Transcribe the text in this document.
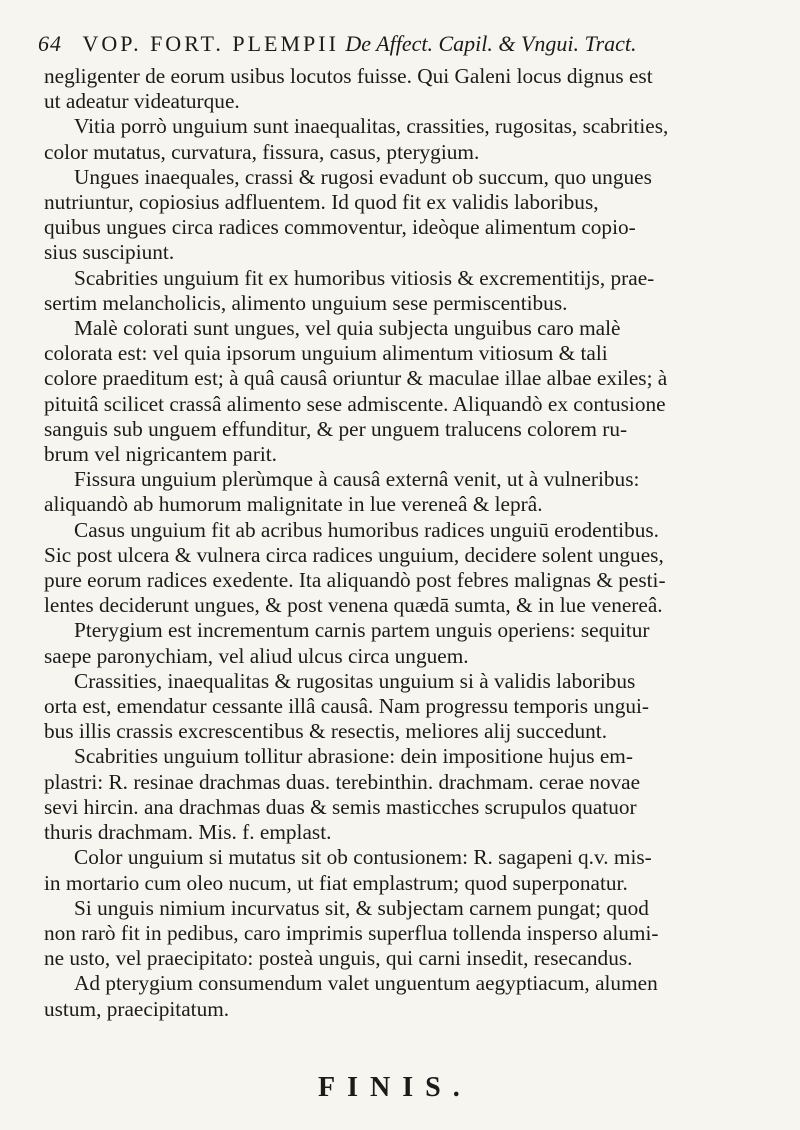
64 VOP. FORT. PLEMPII De Affect. Capil. & Vngui. Tract.
negligenter de eorum usibus locutos fuisse. Qui Galeni locus dignus est
ut adeatur videaturque.
Vitia porrò unguium sunt inaequalitas, crassities, rugositas, scabrities,
color mutatus, curvatura, fissura, casus, pterygium.
Ungues inaequales, crassi & rugosi evadunt ob succum, quo ungues
nutriuntur, copiosius adfluentem. Id quod fit ex validis laboribus,
quibus ungues circa radices commoventur, ideòque alimentum copio-
sius suscipiunt.
Scabrities unguium fit ex humoribus vitiosis & excrementitijs, prae-
sertim melancholicis, alimento unguium sese permiscentibus.
Malè colorati sunt ungues, vel quia subjecta unguibus caro malè
colorata est: vel quia ipsorum unguium alimentum vitiosum & tali
colore praeditum est; à quâ causâ oriuntur & maculae illae albae exiles; à
pituitâ scilicet crassâ alimento sese admiscente. Aliquandò ex contusione
sanguis sub unguem effunditur, & per unguem tralucens colorem ru-
brum vel nigricantem parit.
Fissura unguium plerùmque à causâ externâ venit, ut à vulneribus:
aliquandò ab humorum malignitate in lue vereneâ & leprâ.
Casus unguium fit ab acribus humoribus radices unguiū erodentibus.
Sic post ulcera & vulnera circa radices unguium, decidere solent ungues,
pure eorum radices exedente. Ita aliquandò post febres malignas & pesti-
lentes deciderunt ungues, & post venena quædā sumta, & in lue venereâ.
Pterygium est incrementum carnis partem unguis operiens: sequitur
saepe paronychiam, vel aliud ulcus circa unguem.
Crassities, inaequalitas & rugositas unguium si à validis laboribus
orta est, emendatur cessante illâ causâ. Nam progressu temporis ungui-
bus illis crassis excrescentibus & resectis, meliores alij succedunt.
Scabrities unguium tollitur abrasione: dein impositione hujus em-
plastri: R. resinae drachmas duas. terebinthin. drachmam. cerae novae
sevi hircin. ana drachmas duas & semis masticches scrupulos quatuor
thuris drachmam. Mis. f. emplast.
Color unguium si mutatus sit ob contusionem: R. sagapeni q.v. mis-
in mortario cum oleo nucum, ut fiat emplastrum; quod superponatur.
Si unguis nimium incurvatus sit, & subjectam carnem pungat; quod
non rarò fit in pedibus, caro imprimis superflua tollenda insperso alumi-
ne usto, vel praecipitato: posteà unguis, qui carni insedit, resecandus.
Ad pterygium consumendum valet unguentum aegyptiacum, alumen
ustum, praecipitatum.
FINIS.
